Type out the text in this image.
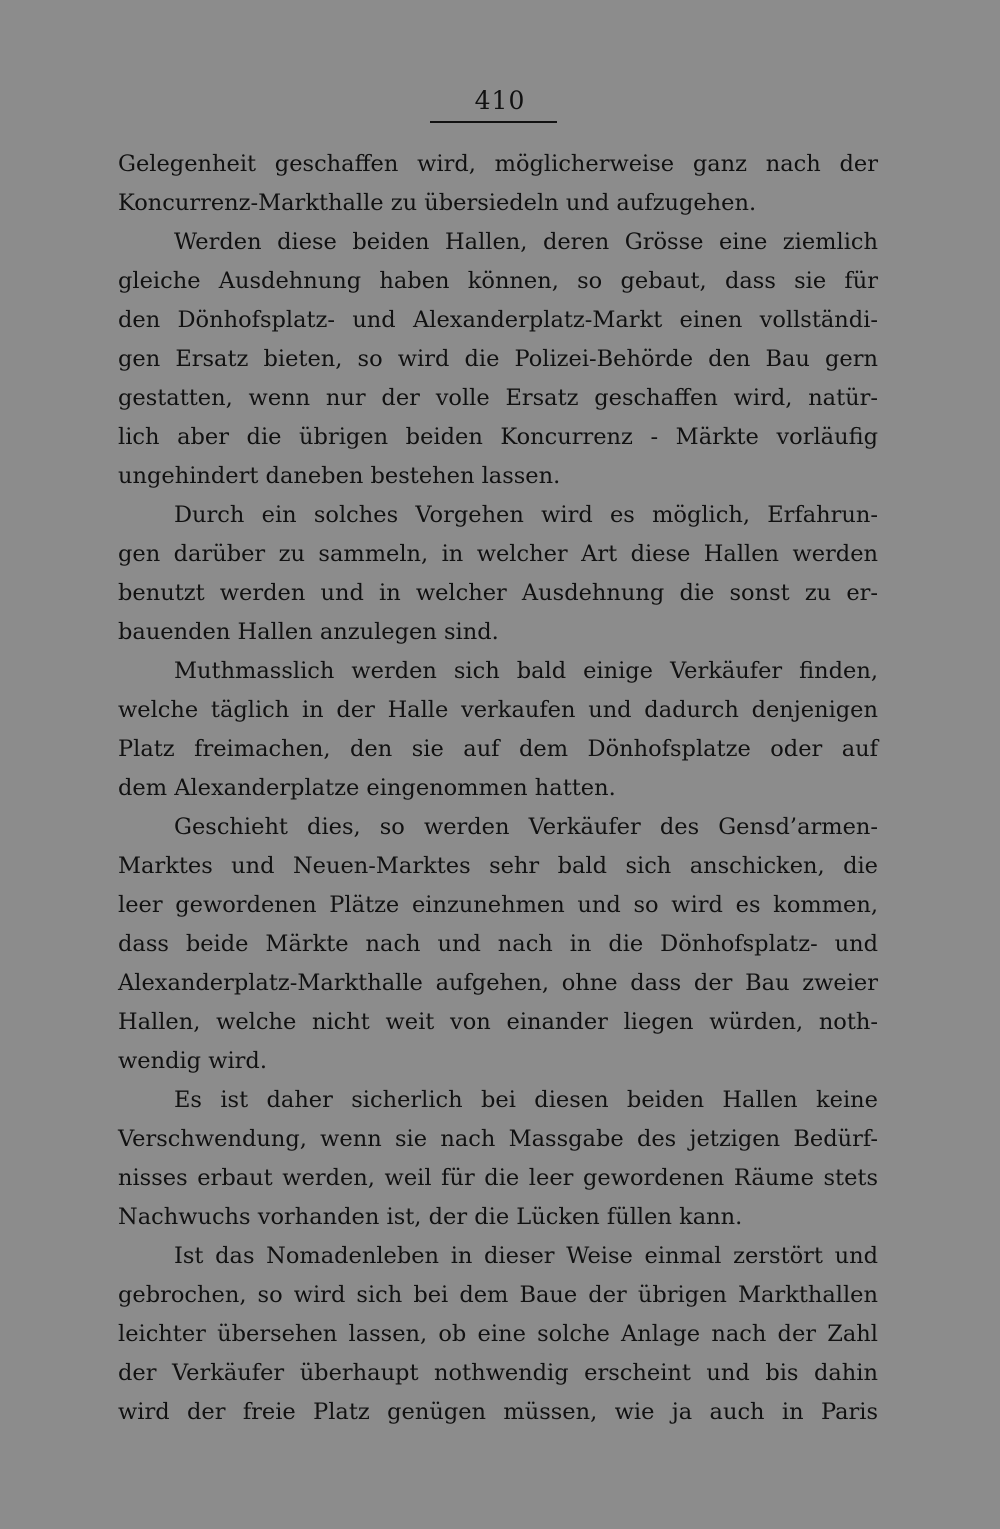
410
Gelegenheit geschaffen wird, möglicherweise ganz nach der
Koncurrenz-Markthalle zu übersiedeln und aufzugehen.
Werden diese beiden Hallen, deren Grösse eine ziemlich
gleiche Ausdehnung haben können, so gebaut, dass sie für
den Dönhofsplatz- und Alexanderplatz-Markt einen vollständi-
gen Ersatz bieten, so wird die Polizei-Behörde den Bau gern
gestatten, wenn nur der volle Ersatz geschaffen wird, natür-
lich aber die übrigen beiden Koncurrenz - Märkte vorläufig
ungehindert daneben bestehen lassen.
Durch ein solches Vorgehen wird es möglich, Erfahrun-
gen darüber zu sammeln, in welcher Art diese Hallen werden
benutzt werden und in welcher Ausdehnung die sonst zu er-
bauenden Hallen anzulegen sind.
Muthmasslich werden sich bald einige Verkäufer finden,
welche täglich in der Halle verkaufen und dadurch denjenigen
Platz freimachen, den sie auf dem Dönhofsplatze oder auf
dem Alexanderplatze eingenommen hatten.
Geschieht dies, so werden Verkäufer des Gensd’armen-
Marktes und Neuen-Marktes sehr bald sich anschicken, die
leer gewordenen Plätze einzunehmen und so wird es kommen,
dass beide Märkte nach und nach in die Dönhofsplatz- und
Alexanderplatz-Markthalle aufgehen, ohne dass der Bau zweier
Hallen, welche nicht weit von einander liegen würden, noth-
wendig wird.
Es ist daher sicherlich bei diesen beiden Hallen keine
Verschwendung, wenn sie nach Massgabe des jetzigen Bedürf-
nisses erbaut werden, weil für die leer gewordenen Räume stets
Nachwuchs vorhanden ist, der die Lücken füllen kann.
Ist das Nomadenleben in dieser Weise einmal zerstört und
gebrochen, so wird sich bei dem Baue der übrigen Markthallen
leichter übersehen lassen, ob eine solche Anlage nach der Zahl
der Verkäufer überhaupt nothwendig erscheint und bis dahin
wird der freie Platz genügen müssen, wie ja auch in Paris
